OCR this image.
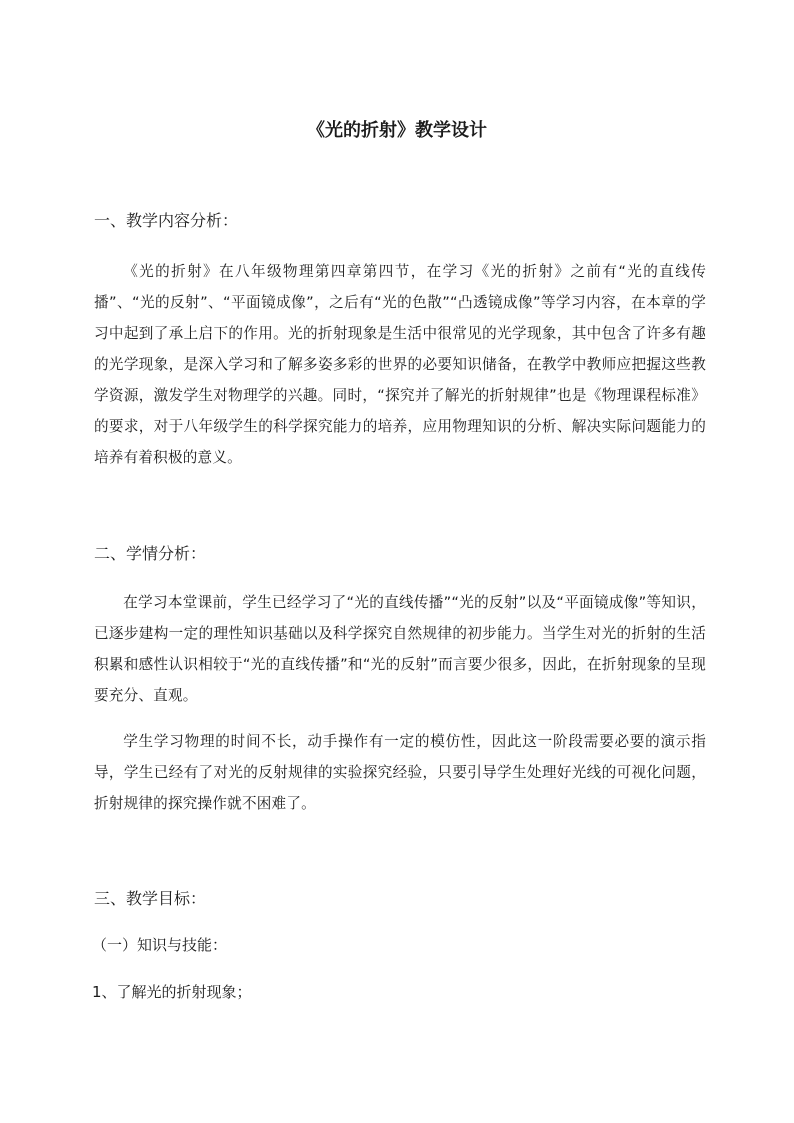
《光的折射》教学设计
一、教学内容分析：

《光的折射》在八年级物理第四章第四节，在学习《光的折射》之前有“光的直线传播”、“光的反射”、“平面镜成像”，之后有“光的色散”“凸透镜成像”等学习内容，在本章的学习中起到了承上启下的作用。光的折射现象是生活中很常见的光学现象，其中包含了许多有趣的光学现象，是深入学习和了解多姿多彩的世界的必要知识储备，在教学中教师应把握这些教学资源，激发学生对物理学的兴趣。同时，“探究并了解光的折射规律”也是《物理课程标准》的要求，对于八年级学生的科学探究能力的培养，应用物理知识的分析、解决实际问题能力的培养有着积极的意义。

二、学情分析：

在学习本堂课前，学生已经学习了“光的直线传播”“光的反射”以及“平面镜成像”等知识，已逐步建构一定的理性知识基础以及科学探究自然规律的初步能力。当学生对光的折射的生活积累和感性认识相较于“光的直线传播”和“光的反射”而言要少很多，因此，在折射现象的呈现要充分、直观。

学生学习物理的时间不长，动手操作有一定的模仿性，因此这一阶段需要必要的演示指导，学生已经有了对光的反射规律的实验探究经验，只要引导学生处理好光线的可视化问题，折射规律的探究操作就不困难了。

三、教学目标：
（一）知识与技能：
1、了解光的折射现象；
